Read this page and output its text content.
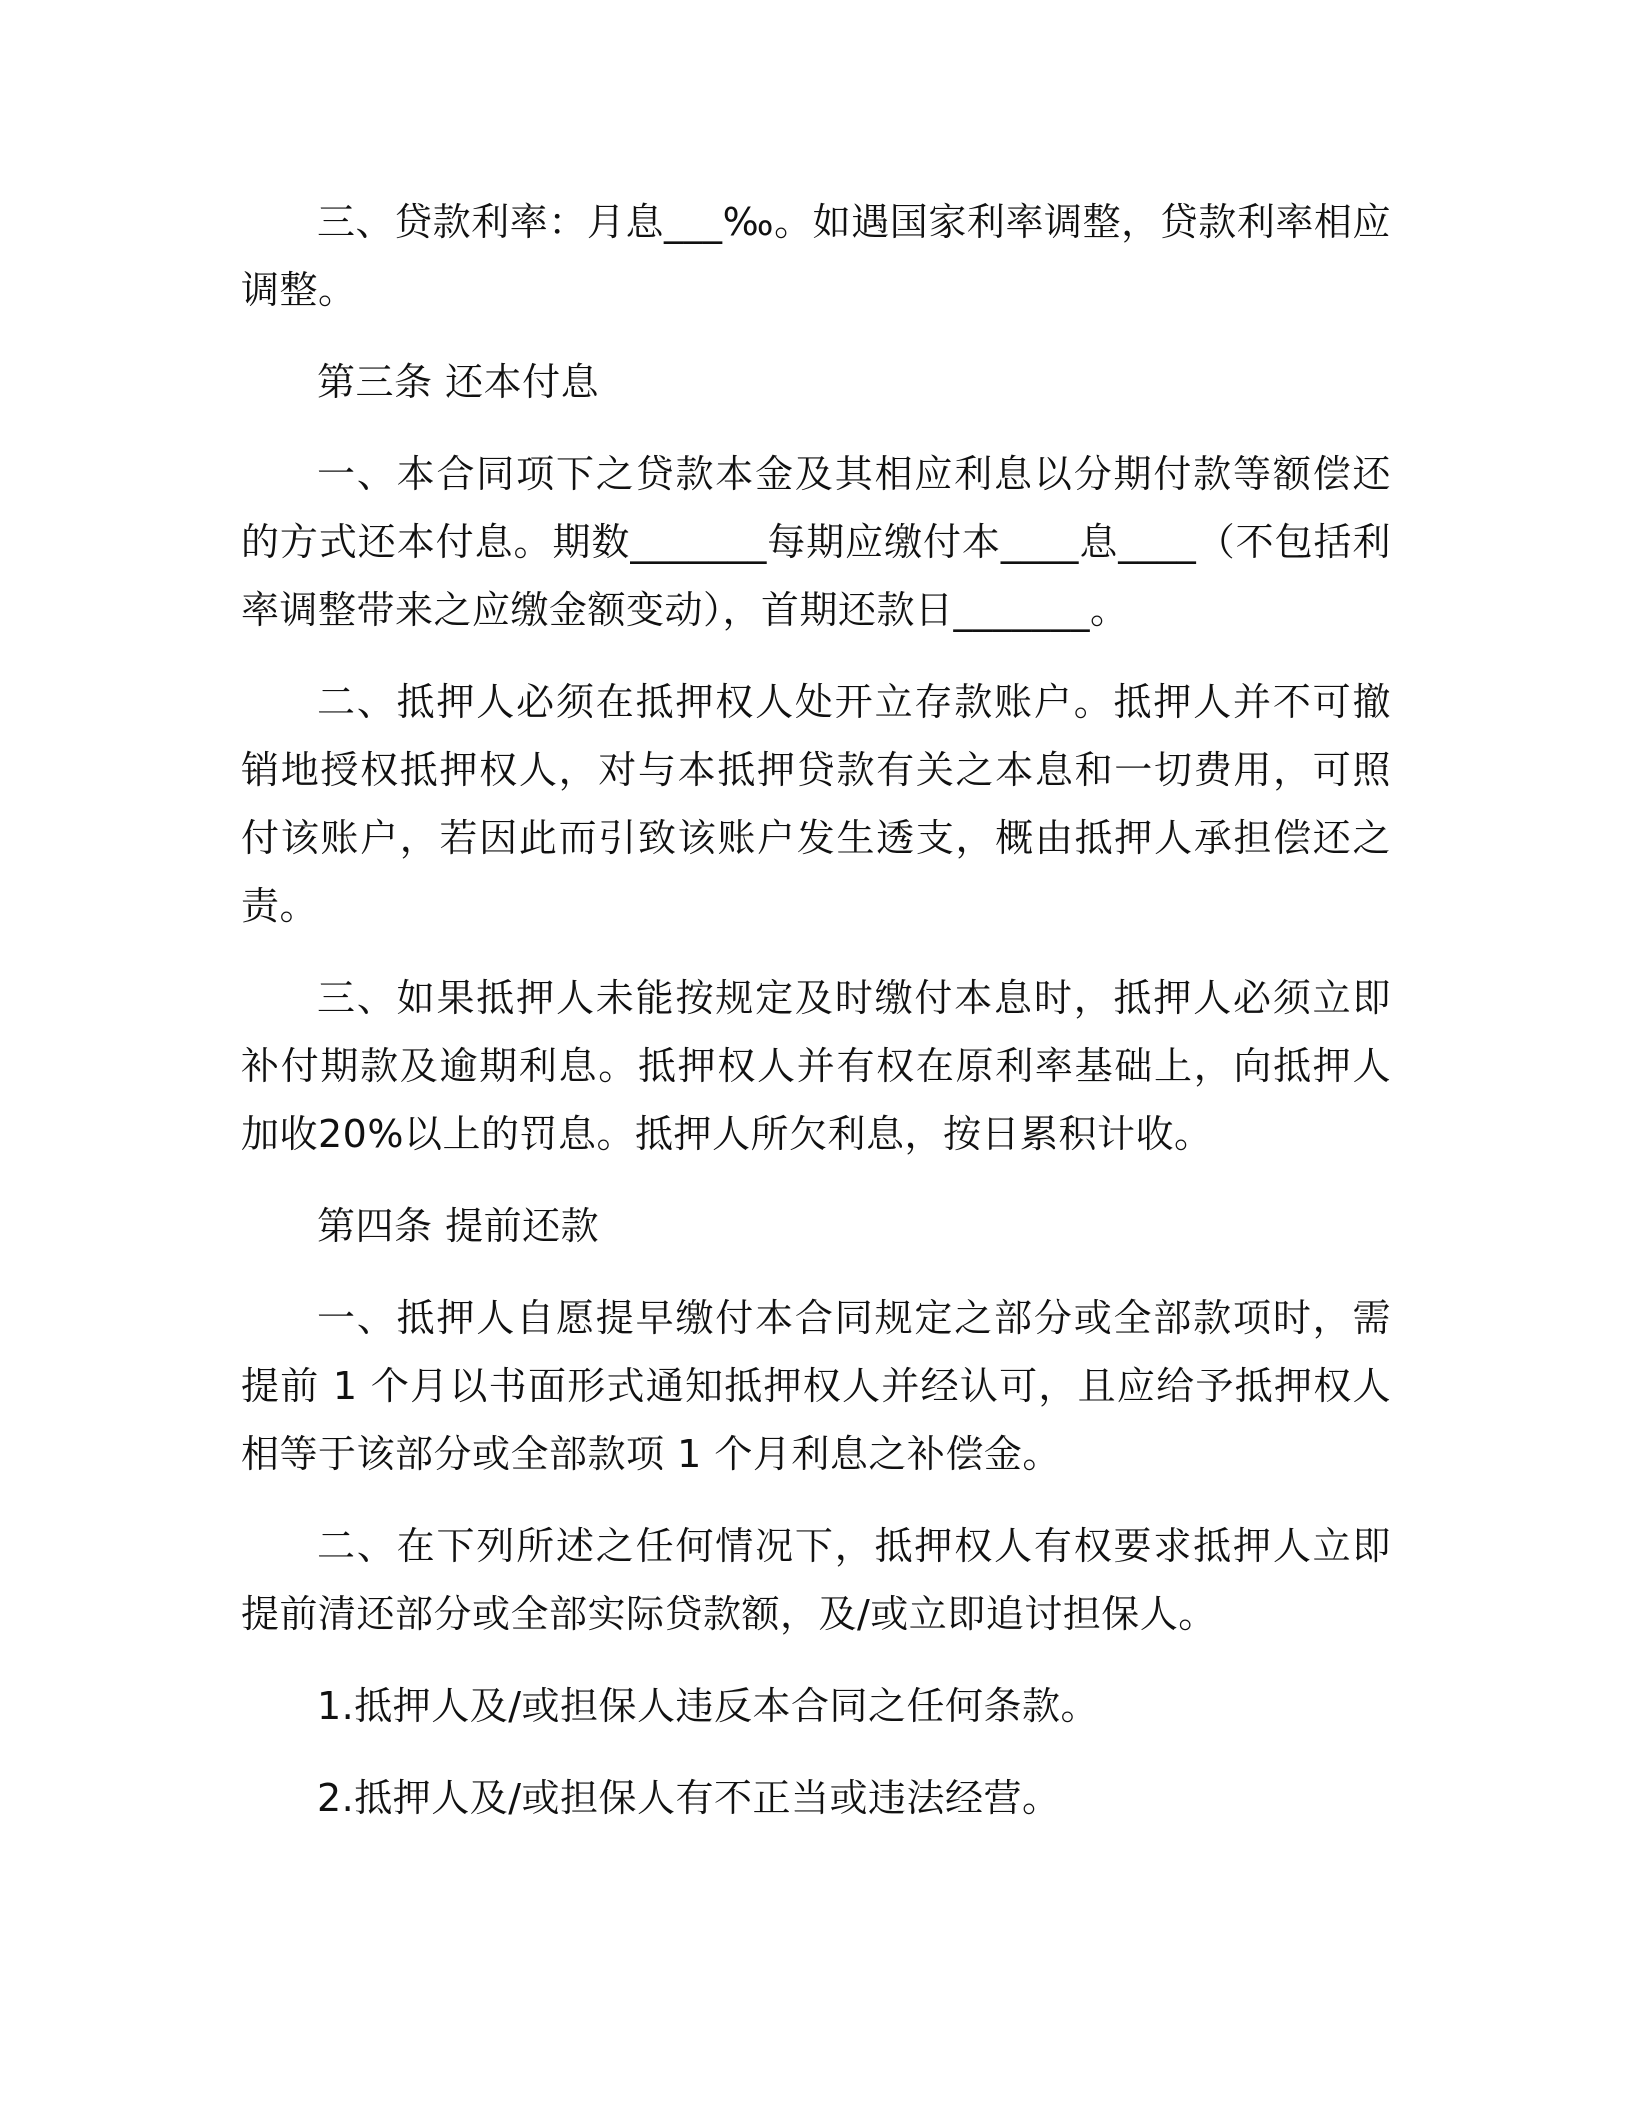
三、贷款利率：月息___‰。如遇国家利率调整，贷款利率相应调整。

第三条 还本付息

一、本合同项下之贷款本金及其相应利息以分期付款等额偿还的方式还本付息。期数_______每期应缴付本____息____（不包括利率调整带来之应缴金额变动），首期还款日_______。

二、抵押人必须在抵押权人处开立存款账户。抵押人并不可撤销地授权抵押权人，对与本抵押贷款有关之本息和一切费用，可照付该账户，若因此而引致该账户发生透支，概由抵押人承担偿还之责。

三、如果抵押人未能按规定及时缴付本息时，抵押人必须立即补付期款及逾期利息。抵押权人并有权在原利率基础上，向抵押人加收20%以上的罚息。抵押人所欠利息，按日累积计收。

第四条 提前还款

一、抵押人自愿提早缴付本合同规定之部分或全部款项时，需提前 1 个月以书面形式通知抵押权人并经认可，且应给予抵押权人相等于该部分或全部款项 1 个月利息之补偿金。

二、在下列所述之任何情况下，抵押权人有权要求抵押人立即提前清还部分或全部实际贷款额，及/或立即追讨担保人。

1.抵押人及/或担保人违反本合同之任何条款。

2.抵押人及/或担保人有不正当或违法经营。
